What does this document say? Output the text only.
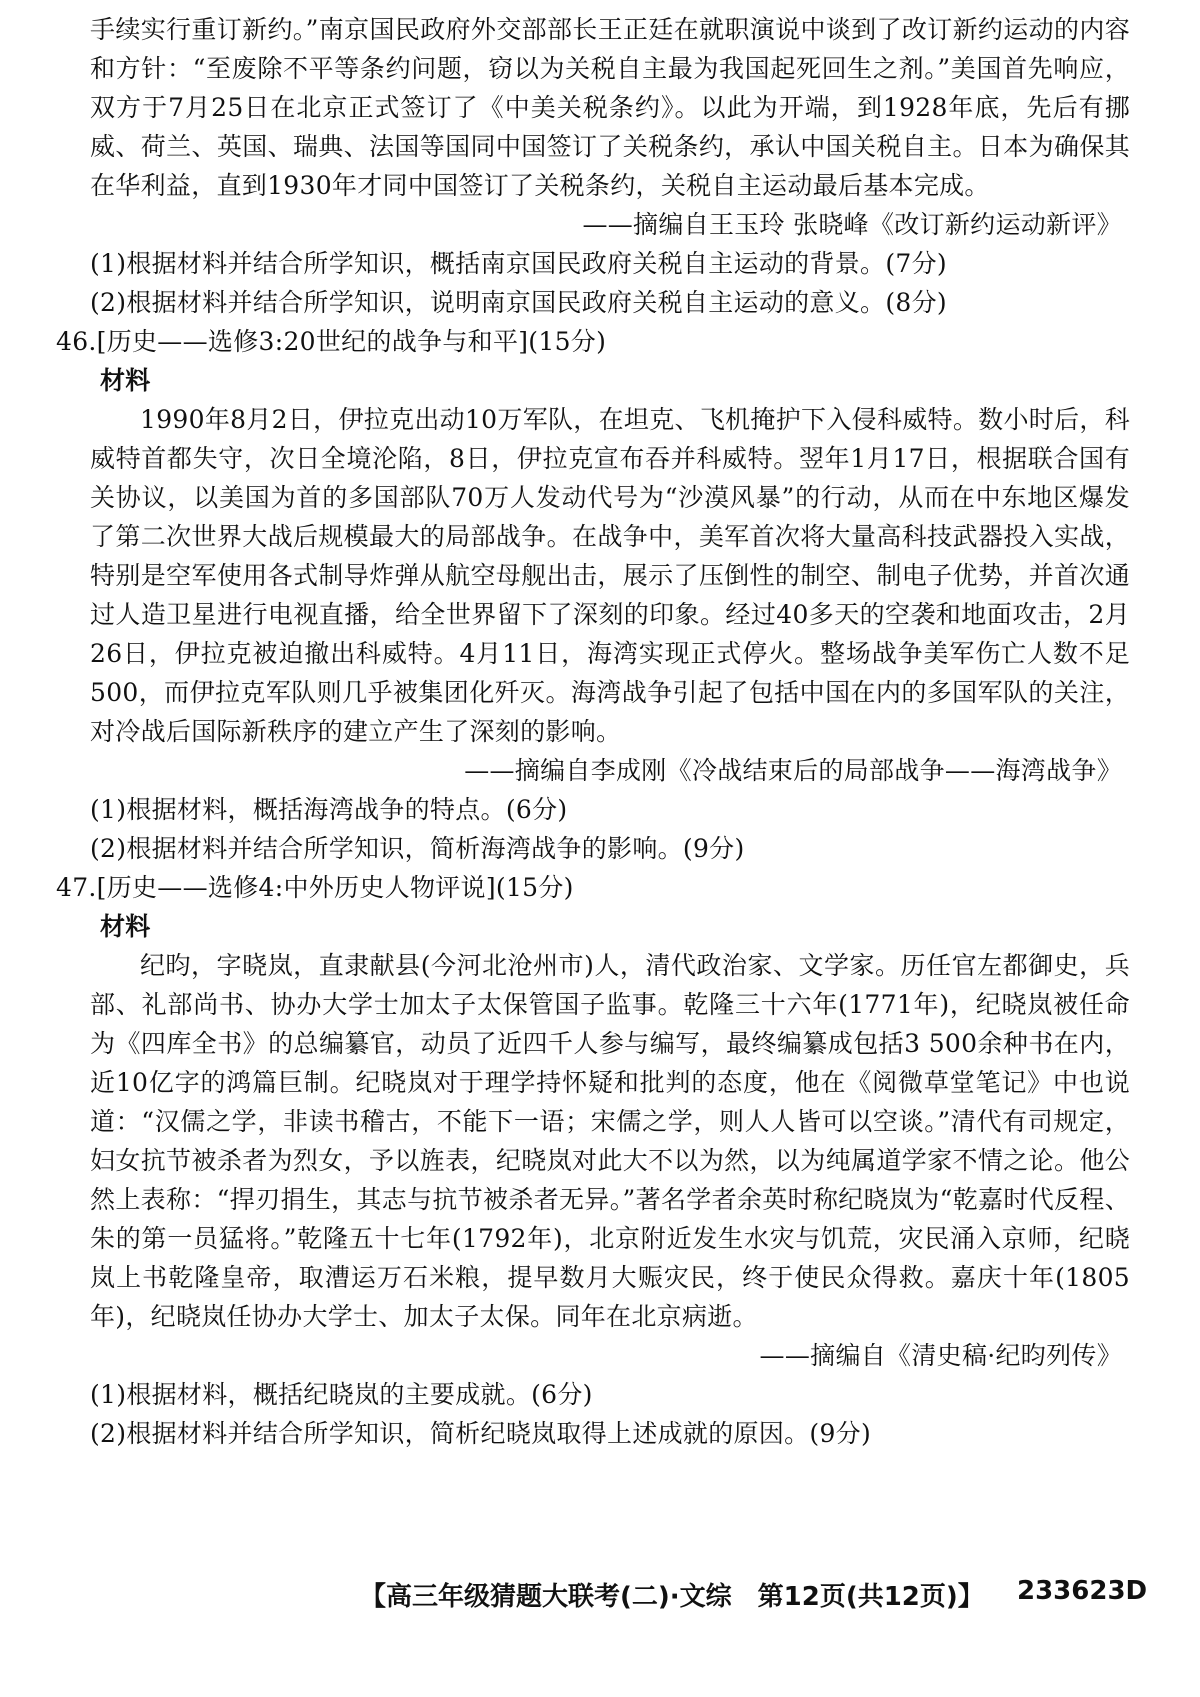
手续实行重订新约。”南京国民政府外交部部长王正廷在就职演说中谈到了改订新约运动的内容和方针：“至废除不平等条约问题，窃以为关税自主最为我国起死回生之剂。”美国首先响应，双方于7月25日在北京正式签订了《中美关税条约》。以此为开端，到1928年底，先后有挪威、荷兰、英国、瑞典、法国等国同中国签订了关税条约，承认中国关税自主。日本为确保其在华利益，直到1930年才同中国签订了关税条约，关税自主运动最后基本完成。

——摘编自王玉玲 张晓峰《改订新约运动新评》

(1)根据材料并结合所学知识，概括南京国民政府关税自主运动的背景。(7分)

(2)根据材料并结合所学知识，说明南京国民政府关税自主运动的意义。(8分)

46.[历史——选修3:20世纪的战争与和平](15分)

材料

1990年8月2日，伊拉克出动10万军队，在坦克、飞机掩护下入侵科威特。数小时后，科威特首都失守，次日全境沦陷，8日，伊拉克宣布吞并科威特。翌年1月17日，根据联合国有关协议，以美国为首的多国部队70万人发动代号为“沙漠风暴”的行动，从而在中东地区爆发了第二次世界大战后规模最大的局部战争。在战争中，美军首次将大量高科技武器投入实战，特别是空军使用各式制导炸弹从航空母舰出击，展示了压倒性的制空、制电子优势，并首次通过人造卫星进行电视直播，给全世界留下了深刻的印象。经过40多天的空袭和地面攻击，2月26日，伊拉克被迫撤出科威特。4月11日，海湾实现正式停火。整场战争美军伤亡人数不足500，而伊拉克军队则几乎被集团化歼灭。海湾战争引起了包括中国在内的多国军队的关注，对冷战后国际新秩序的建立产生了深刻的影响。

——摘编自李成刚《冷战结束后的局部战争——海湾战争》

(1)根据材料，概括海湾战争的特点。(6分)

(2)根据材料并结合所学知识，简析海湾战争的影响。(9分)

47.[历史——选修4:中外历史人物评说](15分)

材料

纪昀，字晓岚，直隶献县(今河北沧州市)人，清代政治家、文学家。历任官左都御史，兵部、礼部尚书、协办大学士加太子太保管国子监事。乾隆三十六年(1771年)，纪晓岚被任命为《四库全书》的总编纂官，动员了近四千人参与编写，最终编纂成包括3 500余种书在内，近10亿字的鸿篇巨制。纪晓岚对于理学持怀疑和批判的态度，他在《阅微草堂笔记》中也说道：“汉儒之学，非读书稽古，不能下一语；宋儒之学，则人人皆可以空谈。”清代有司规定，妇女抗节被杀者为烈女，予以旌表，纪晓岚对此大不以为然，以为纯属道学家不情之论。他公然上表称：“捍刃捐生，其志与抗节被杀者无异。”著名学者余英时称纪晓岚为“乾嘉时代反程、朱的第一员猛将。”乾隆五十七年(1792年)，北京附近发生水灾与饥荒，灾民涌入京师，纪晓岚上书乾隆皇帝，取漕运万石米粮，提早数月大赈灾民，终于使民众得救。嘉庆十年(1805年)，纪晓岚任协办大学士、加太子太保。同年在北京病逝。

——摘编自《清史稿·纪昀列传》

(1)根据材料，概括纪晓岚的主要成就。(6分)

(2)根据材料并结合所学知识，简析纪晓岚取得上述成就的原因。(9分)

【高三年级猜题大联考(二)·文综　第12页(共12页)】 233623D
